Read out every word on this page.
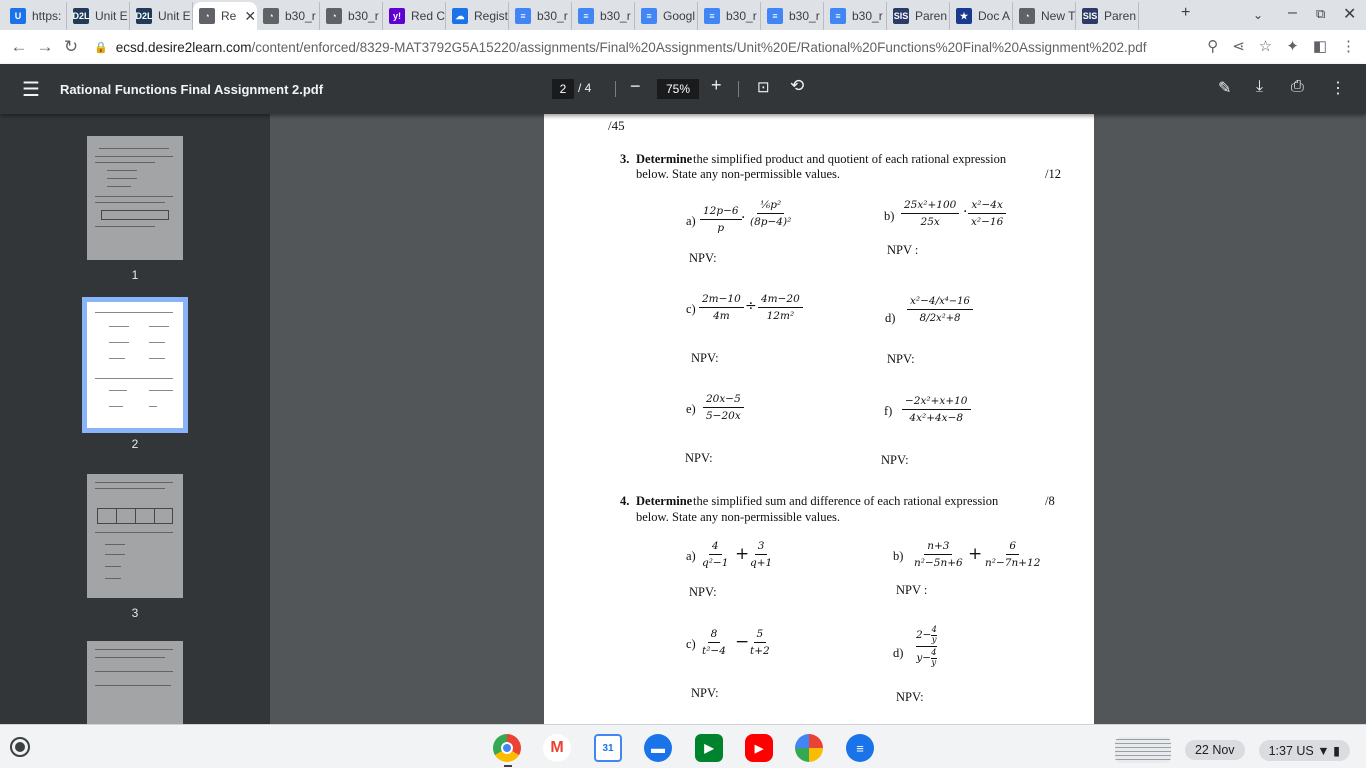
U https: D2L Unit E D2L Unit E	◔ Re ✕	◔ b30_r	◔ b30_r	y! Red C	☁ Regist	≡ b30_r	≡ b30_r	≡ Googl	≡ b30_r	≡ b30_r	≡ b30_r SIS Paren	★ Doc A	◔ New T SIS Paren	+	⌄ – ⧉ ✕
← → ↻	🔒 ecsd.desire2learn.com /content/enforced/8329-MAT3792G5A15220/assignments/Final%20Assignments/Unit%20E/Rational%20Functions%20Final%20Assignment%202.pdf	⚲ ⋖ ☆ ✦ ◧ ⋮
☰ Rational Functions Final Assignment 2.pdf	2 / 4 −	75%	+ ⊡ ⟲	✎ ⤓ ⎙ ⋮
1
2
3
/45
3. Determine the simplified product and quotient of each rational expression
below. State any non-permissible values.	/12
$a) \frac{12p-6}{p} \cdot \frac{\text{⅙p²}}{\text{(8p−4)²}}$
NPV:
$b) \frac{\text{25x²+100}}{25x} \cdot \frac{\text{x²−4x}}{\text{x²−16}}$
NPV :
$c) \frac{2m-10}{4m} \div \frac{4m-20}{\text{12m²}}$
NPV:
$d) \frac{\text{x²−4/x⁴−16}}{\text{8/2x²+8}}$
NPV:
$e) \frac{20x-5}{5-20x}$
NPV:
$f) \frac{\text{−2x²+x+10}}{\text{4x²+4x−8}}$
NPV:
4. Determine the simplified sum and difference of each rational expression
below. State any non-permissible values.
/8
$a) \frac{4}{\text{q²−1}}$ +
$\frac{3}{q+1}$
NPV:
$b) \frac{n+3}{\text{n²−5n+6}} + \frac{6}{\text{n²−7n+12}}$
NPV :
$c) \frac{8}{\text{t²−4}}$ −
$\frac{5}{t+2}$
NPV:
d)
$2- \frac{4}{y}$
$y- \frac{4}{y}$
NPV:
M	31	▬	▶	▶	≡	22 Nov	1:37 US ▼ ▮
